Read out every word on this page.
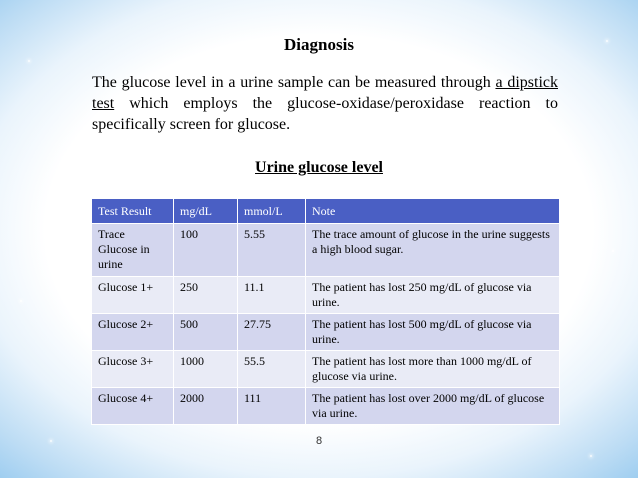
Diagnosis

The glucose level in a urine sample can be measured through a dipstick test which employs the glucose-oxidase/peroxidase reaction to specifically screen for glucose.

Urine glucose level
Test Result	mg/dL	mmol/L	Note
Trace Glucose in urine	100	5.55	The trace amount of glucose in the urine suggests a high blood sugar.
Glucose 1+	250	11.1	The patient has lost 250 mg/dL of glucose via urine.
Glucose 2+	500	27.75	The patient has lost 500 mg/dL of glucose via urine.
Glucose 3+	1000	55.5	The patient has lost more than 1000 mg/dL of glucose via urine.
Glucose 4+	2000	111	The patient has lost over 2000 mg/dL of glucose via urine.
8
